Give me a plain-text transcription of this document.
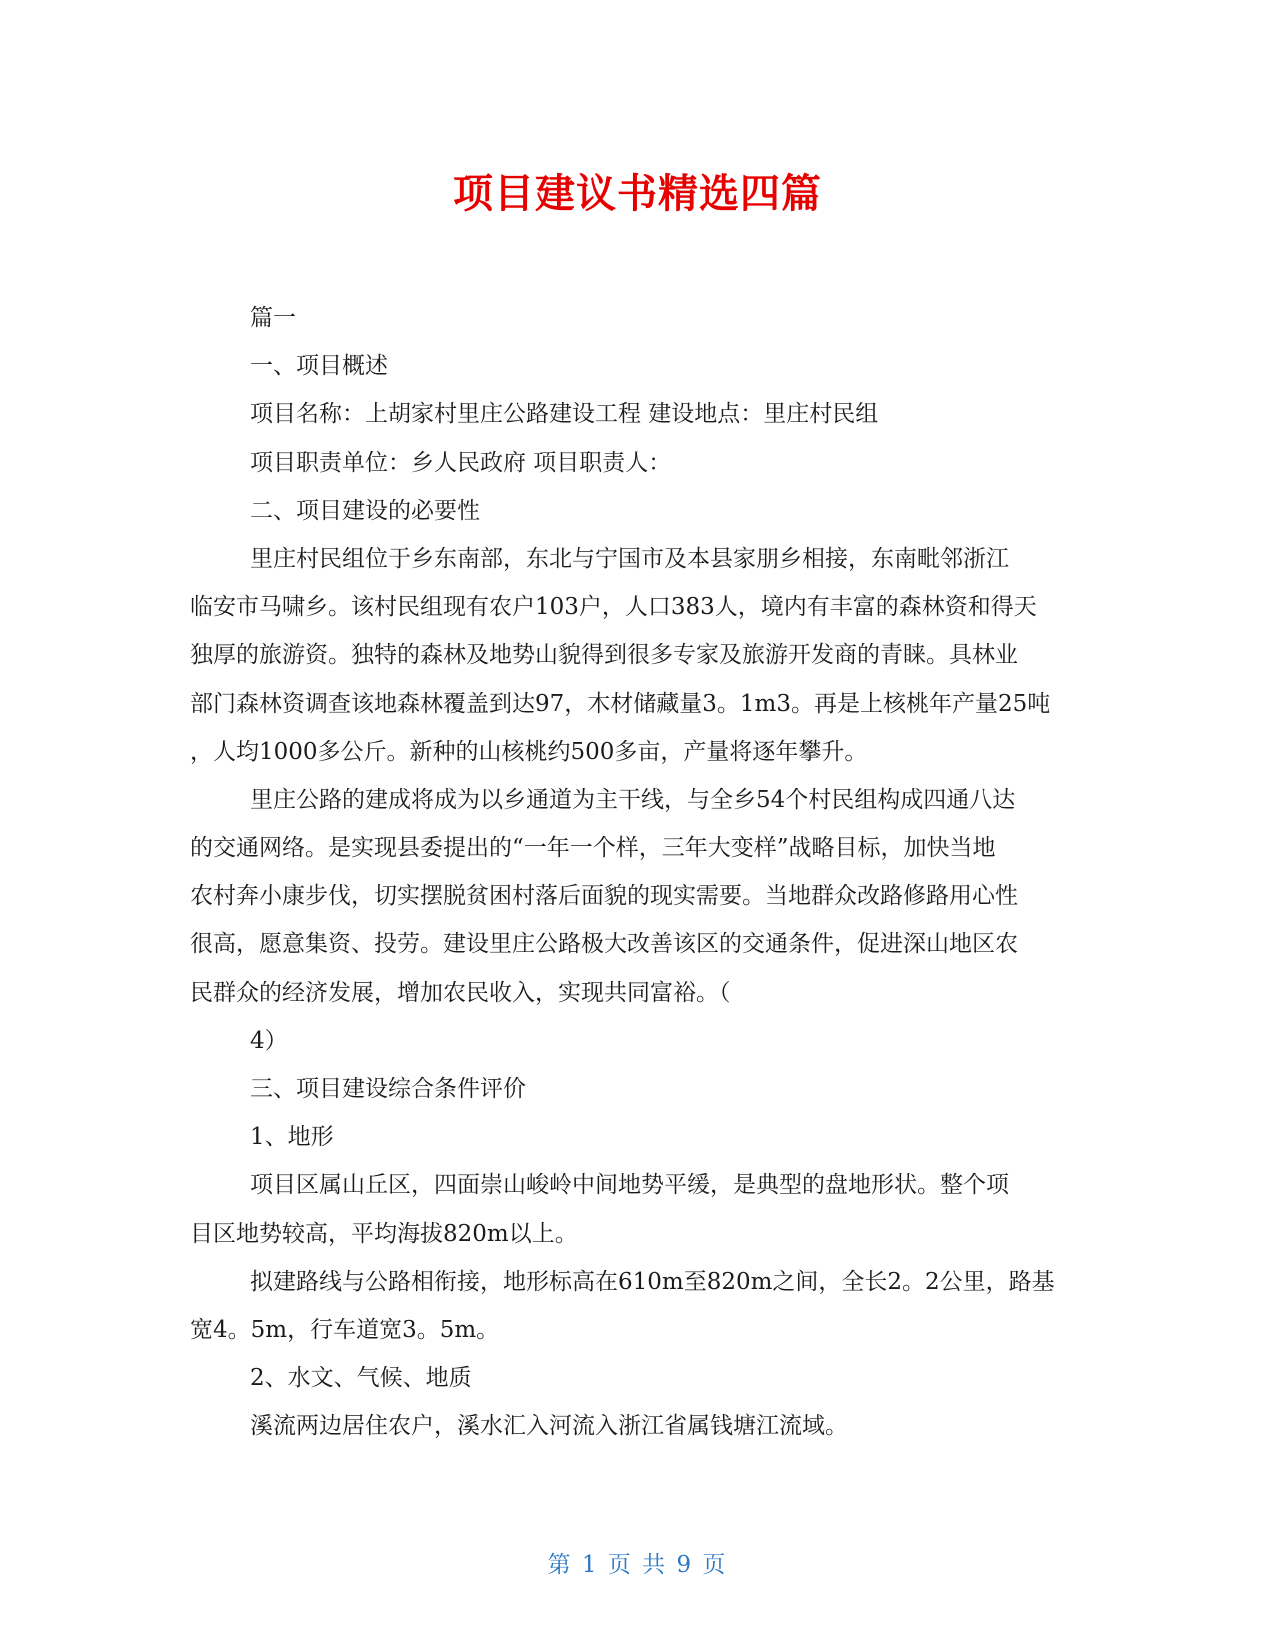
项目建议书精选四篇
篇一
一、项目概述
项目名称：上胡家村里庄公路建设工程 建设地点：里庄村民组
项目职责单位：乡人民政府 项目职责人：
二、项目建设的必要性
里庄村民组位于乡东南部，东北与宁国市及本县家朋乡相接，东南毗邻浙江
临安市马啸乡。该村民组现有农户103户，人口383人，境内有丰富的森林资和得天
独厚的旅游资。独特的森林及地势山貌得到很多专家及旅游开发商的青睐。具林业
部门森林资调查该地森林覆盖到达97，木材储藏量3。1m3。再是上核桃年产量25吨
，人均1000多公斤。新种的山核桃约500多亩，产量将逐年攀升。
里庄公路的建成将成为以乡通道为主干线，与全乡54个村民组构成四通八达
的交通网络。是实现县委提出的“一年一个样，三年大变样”战略目标，加快当地
农村奔小康步伐，切实摆脱贫困村落后面貌的现实需要。当地群众改路修路用心性
很高，愿意集资、投劳。建设里庄公路极大改善该区的交通条件，促进深山地区农
民群众的经济发展，增加农民收入，实现共同富裕。（
4）
三、项目建设综合条件评价
1、地形
项目区属山丘区，四面崇山峻岭中间地势平缓，是典型的盘地形状。整个项
目区地势较高，平均海拔820m以上。
拟建路线与公路相衔接，地形标高在610m至820m之间，全长2。2公里，路基
宽4。5m，行车道宽3。5m。
2、水文、气候、地质
溪流两边居住农户，溪水汇入河流入浙江省属钱塘江流域。
第 1 页 共 9 页
